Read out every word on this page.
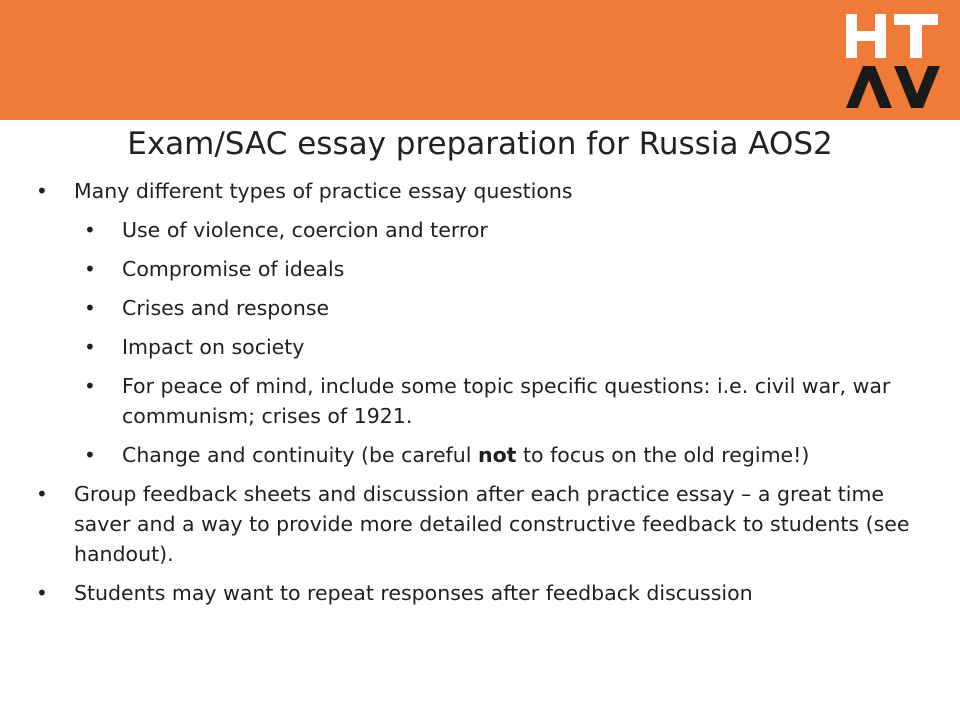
Exam/SAC essay preparation for Russia AOS2
•	Many different types of practice essay questions
•	Use of violence, coercion and terror
•	Compromise of ideals
•	Crises and response
•	Impact on society
•	For peace of mind, include some topic specific questions: i.e. civil war, war communism; crises of 1921.
•	Change and continuity (be careful not to focus on the old regime!)
•	Group feedback sheets and discussion after each practice essay – a great time saver and a way to provide more detailed constructive feedback to students (see handout).
•	Students may want to repeat responses after feedback discussion
